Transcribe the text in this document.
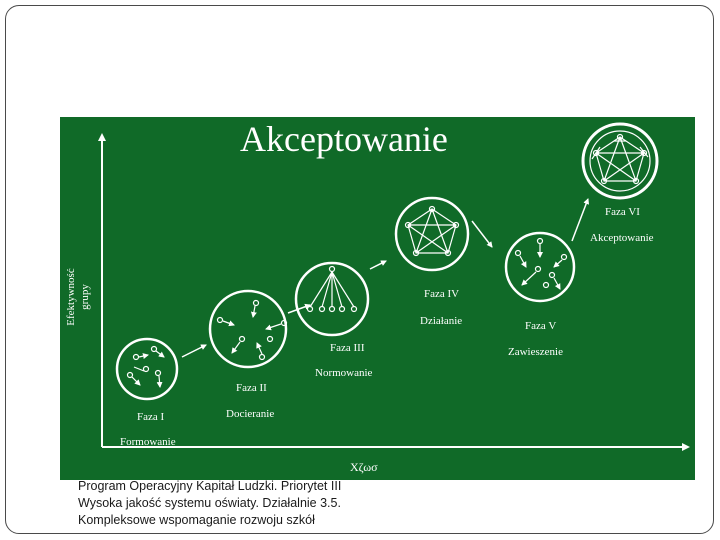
Akceptowanie
Efektywność grupy
Xζωσ
Faza I
Formowanie
Faza II
Docieranie
Faza III
Normowanie
Faza IV
Działanie	Faza V
Zawieszenie
Faza VI
Akceptowanie
Program Operacyjny Kapitał Ludzki. Priorytet III
Wysoka jakość systemu oświaty. Działalnie 3.5.
Kompleksowe wspomaganie rozwoju szkół
